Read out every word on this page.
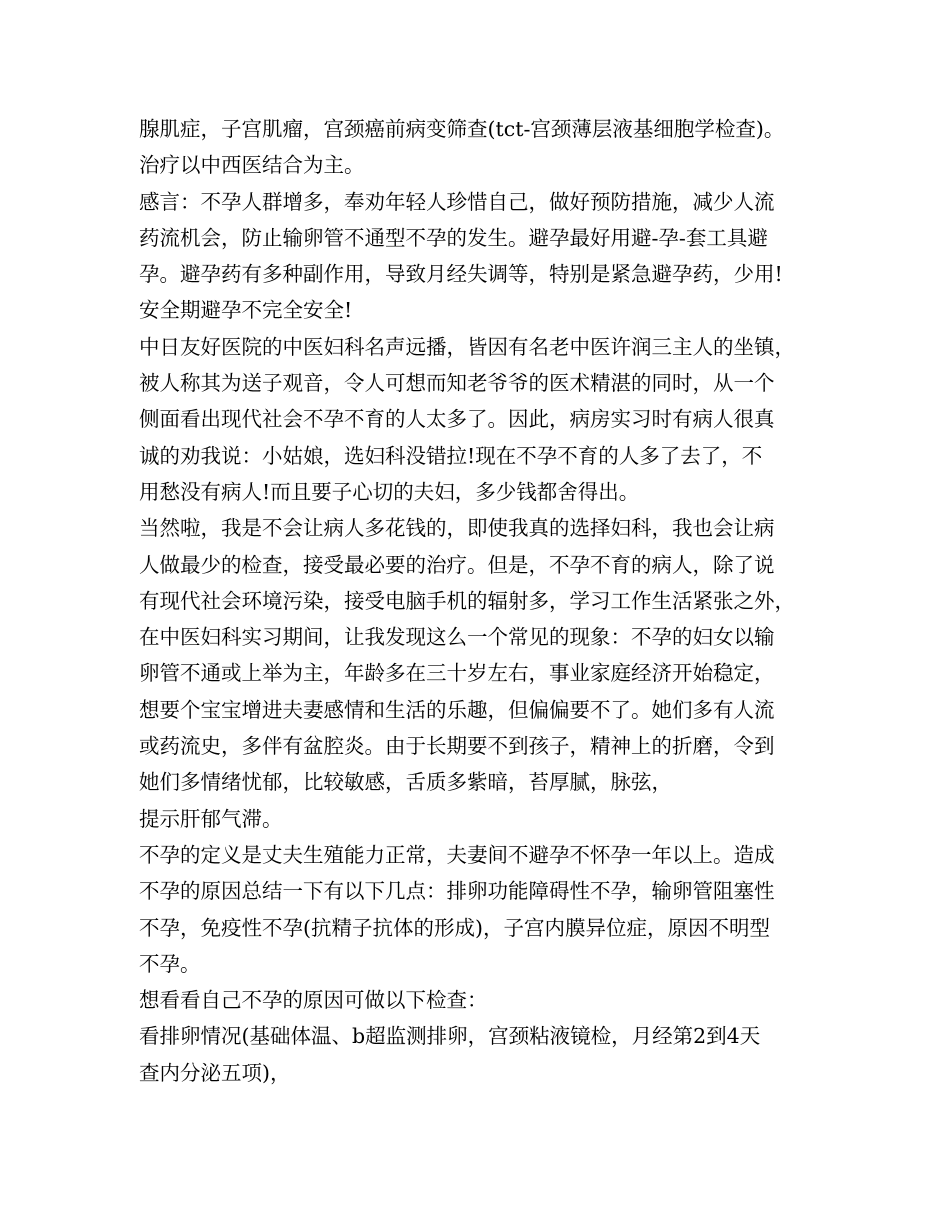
腺肌症，子宫肌瘤，宫颈癌前病变筛查(tct-宫颈薄层液基细胞学检查)。
治疗以中西医结合为主。
感言：不孕人群增多，奉劝年轻人珍惜自己，做好预防措施，减少人流
药流机会，防止输卵管不通型不孕的发生。避孕最好用避-孕-套工具避
孕。避孕药有多种副作用，导致月经失调等，特别是紧急避孕药，少用!
安全期避孕不完全安全!
中日友好医院的中医妇科名声远播，皆因有名老中医许润三主人的坐镇，
被人称其为送子观音，令人可想而知老爷爷的医术精湛的同时，从一个
侧面看出现代社会不孕不育的人太多了。因此，病房实习时有病人很真
诚的劝我说：小姑娘，选妇科没错拉!现在不孕不育的人多了去了，不
用愁没有病人!而且要子心切的夫妇，多少钱都舍得出。
当然啦，我是不会让病人多花钱的，即使我真的选择妇科，我也会让病
人做最少的检查，接受最必要的治疗。但是，不孕不育的病人，除了说
有现代社会环境污染，接受电脑手机的辐射多，学习工作生活紧张之外，
在中医妇科实习期间，让我发现这么一个常见的现象：不孕的妇女以输
卵管不通或上举为主，年龄多在三十岁左右，事业家庭经济开始稳定，
想要个宝宝增进夫妻感情和生活的乐趣，但偏偏要不了。她们多有人流
或药流史，多伴有盆腔炎。由于长期要不到孩子，精神上的折磨，令到
她们多情绪忧郁，比较敏感，舌质多紫暗，苔厚腻，脉弦，
提示肝郁气滞。
不孕的定义是丈夫生殖能力正常，夫妻间不避孕不怀孕一年以上。造成
不孕的原因总结一下有以下几点：排卵功能障碍性不孕，输卵管阻塞性
不孕，免疫性不孕(抗精子抗体的形成)，子宫内膜异位症，原因不明型
不孕。
想看看自己不孕的原因可做以下检查：
看排卵情况(基础体温、b超监测排卵，宫颈粘液镜检，月经第2到4天
查内分泌五项)，
